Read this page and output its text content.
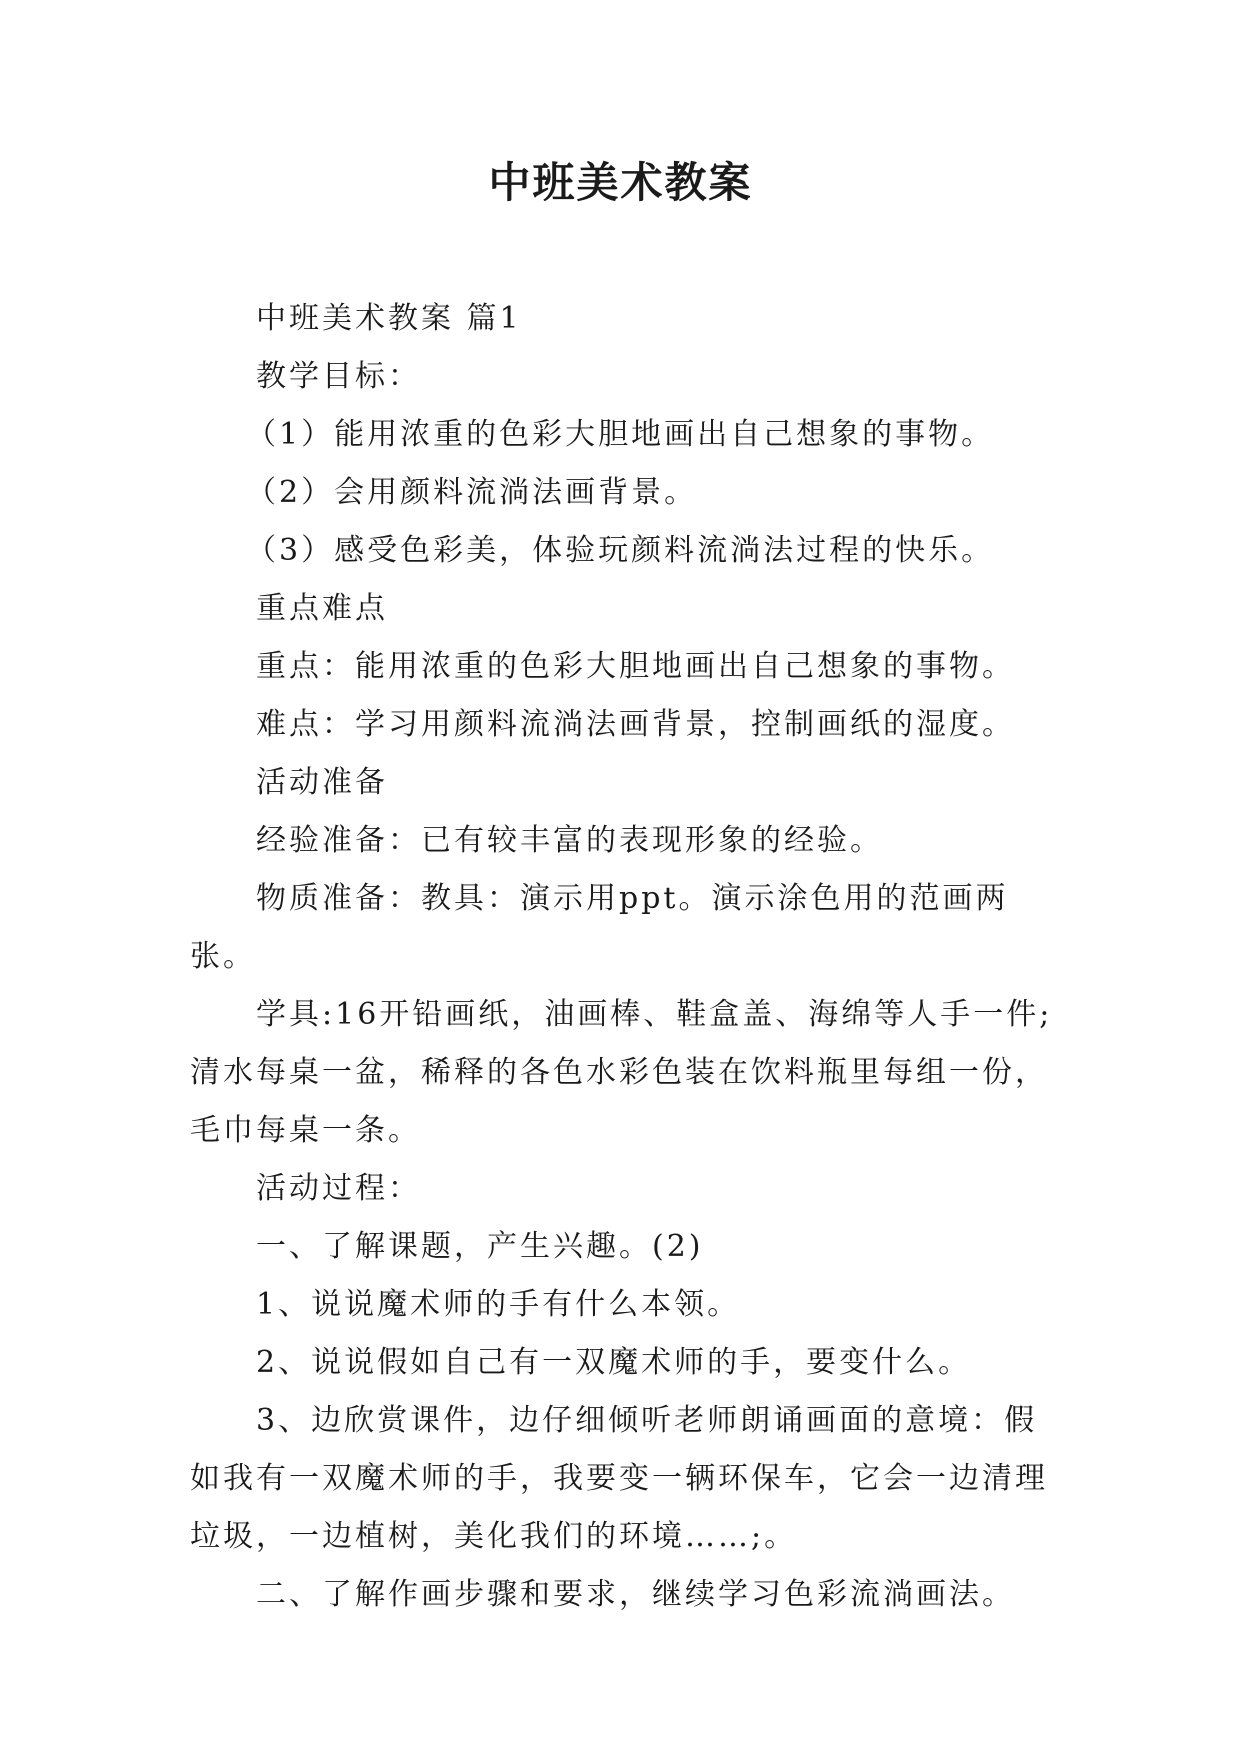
中班美术教案

中班美术教案 篇1

教学目标：

（1）能用浓重的色彩大胆地画出自己想象的事物。

（2）会用颜料流淌法画背景。

（3）感受色彩美，体验玩颜料流淌法过程的快乐。

重点难点

重点：能用浓重的色彩大胆地画出自己想象的事物。

难点：学习用颜料流淌法画背景，控制画纸的湿度。

活动准备

经验准备：已有较丰富的表现形象的经验。

物质准备：教具：演示用ppt。演示涂色用的范画两张。

学具:16开铅画纸，油画棒、鞋盒盖、海绵等人手一件;清水每桌一盆，稀释的各色水彩色装在饮料瓶里每组一份，毛巾每桌一条。

活动过程：

一、了解课题，产生兴趣。(2)

1、说说魔术师的手有什么本领。

2、说说假如自己有一双魔术师的手，要变什么。

3、边欣赏课件，边仔细倾听老师朗诵画面的意境：假如我有一双魔术师的手，我要变一辆环保车，它会一边清理垃圾，一边植树，美化我们的环境……;。

二、了解作画步骤和要求，继续学习色彩流淌画法。
